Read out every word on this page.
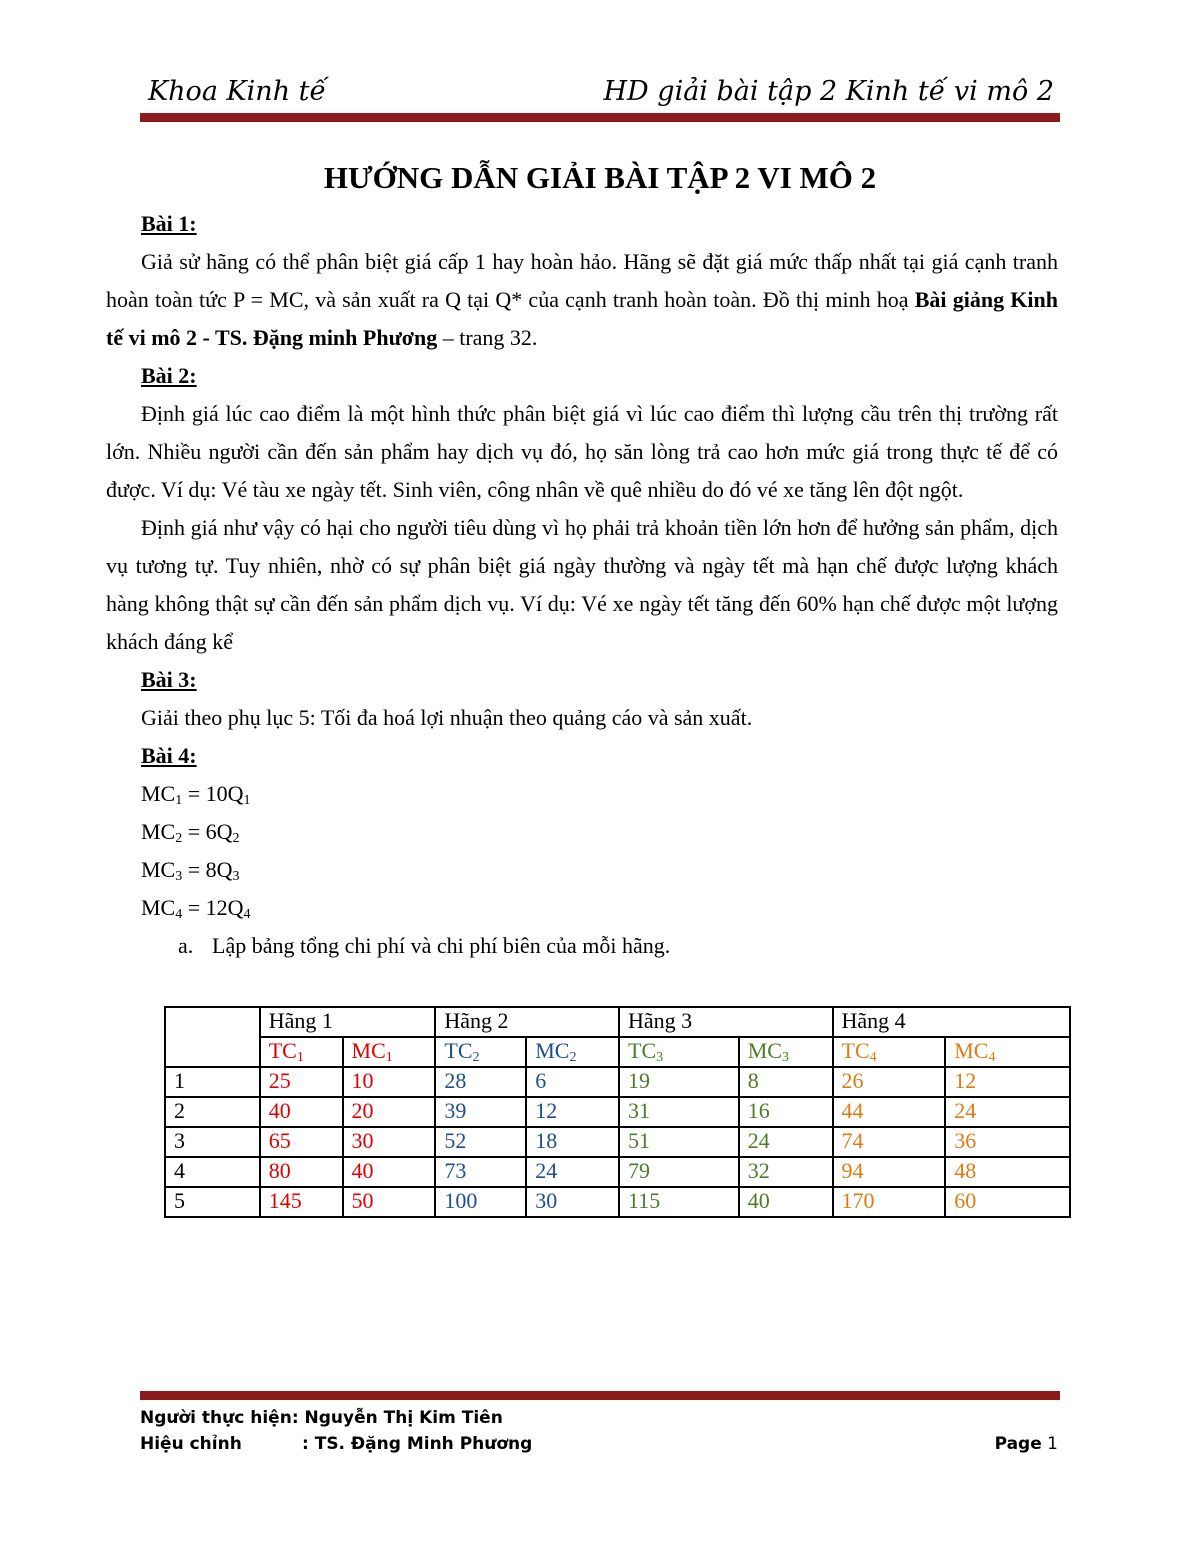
Khoa Kinh tế	HD giải bài tập 2 Kinh tế vi mô 2
HƯỚNG DẪN GIẢI BÀI TẬP 2 VI MÔ 2

Bài 1:

Giả sử hãng có thể phân biệt giá cấp 1 hay hoàn hảo. Hãng sẽ đặt giá mức thấp nhất tại giá cạnh tranh hoàn toàn tức P = MC, và sản xuất ra Q tại Q* của cạnh tranh hoàn toàn. Đồ thị minh hoạ Bài giảng Kinh tế vi mô 2 - TS. Đặng minh Phương – trang 32.

Bài 2:

Định giá lúc cao điểm là một hình thức phân biệt giá vì lúc cao điểm thì lượng cầu trên thị trường rất lớn. Nhiều người cần đến sản phẩm hay dịch vụ đó, họ săn lòng trả cao hơn mức giá trong thực tế để có được. Ví dụ: Vé tàu xe ngày tết. Sinh viên, công nhân về quê nhiều do đó vé xe tăng lên đột ngột.

Định giá như vậy có hại cho người tiêu dùng vì họ phải trả khoản tiền lớn hơn để hưởng sản phẩm, dịch vụ tương tự. Tuy nhiên, nhờ có sự phân biệt giá ngày thường và ngày tết mà hạn chế được lượng khách hàng không thật sự cần đến sản phẩm dịch vụ. Ví dụ: Vé xe ngày tết tăng đến 60% hạn chế được một lượng khách đáng kể

Bài 3:

Giải theo phụ lục 5: Tối đa hoá lợi nhuận theo quảng cáo và sản xuất.

Bài 4:

$MC_1 = 10Q_1$

$MC_2 = 6Q_2$

$MC_3 = 8Q_3$

$MC_4 = 12Q_4$

a. Lập bảng tổng chi phí và chi phí biên của mỗi hãng.

	Hãng 1		Hãng 2		Hãng 3		Hãng 4	
	$TC_1$	$MC_1$	$TC_2$	$MC_2$	$TC_3$	$MC_3$	$TC_4$	$MC_4$
1	25	10	28	6	19	8	26	12
2	40	20	39	12	31	16	44	24
3	65	30	52	18	51	24	74	36
4	80	40	73	24	79	32	94	48
5	145	50	100	30	115	40	170	60
Người thực hiện: Nguyễn Thị Kim Tiên
Hiệu chỉnh	: TS. Đặng Minh Phương	Page 1
